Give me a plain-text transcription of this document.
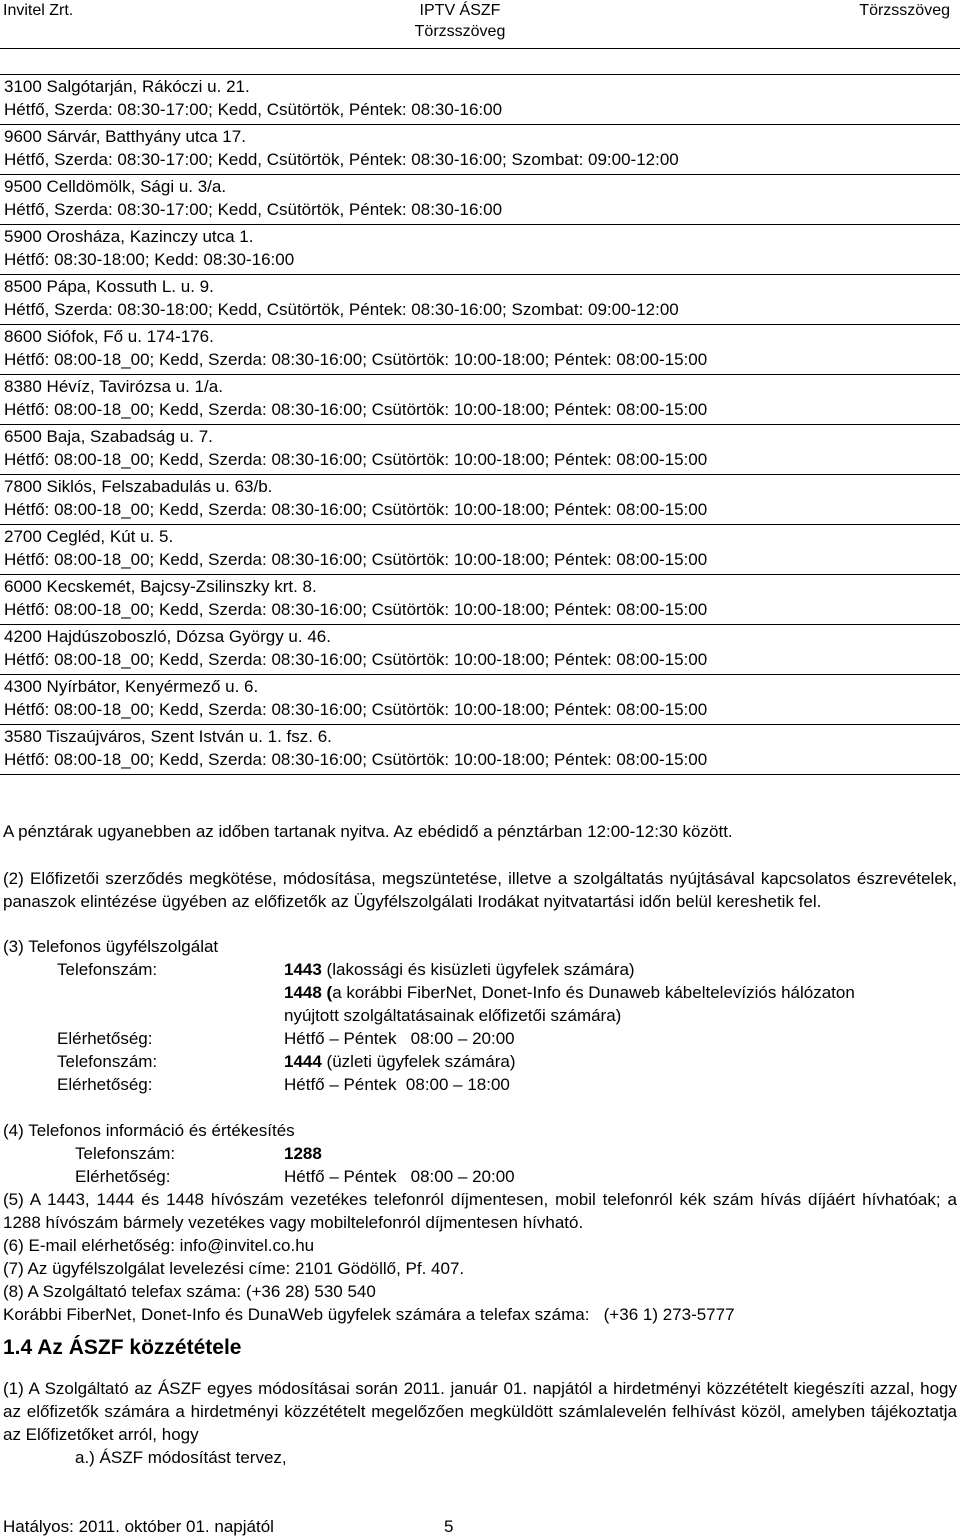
Invitel Zrt.	IPTV ÁSZF
Törzsszöveg
Törzsszöveg
3100 Salgótarján, Rákóczi u. 21.
Hétfő, Szerda: 08:30-17:00; Kedd, Csütörtök, Péntek: 08:30-16:00

9600 Sárvár, Batthyány utca 17.
Hétfő, Szerda: 08:30-17:00; Kedd, Csütörtök, Péntek: 08:30-16:00; Szombat: 09:00-12:00

9500 Celldömölk, Sági u. 3/a.
Hétfő, Szerda: 08:30-17:00; Kedd, Csütörtök, Péntek: 08:30-16:00

5900 Orosháza, Kazinczy utca 1.
Hétfő: 08:30-18:00; Kedd: 08:30-16:00

8500 Pápa, Kossuth L. u. 9.
Hétfő, Szerda: 08:30-18:00; Kedd, Csütörtök, Péntek: 08:30-16:00; Szombat: 09:00-12:00

8600 Siófok, Fő u. 174-176.
Hétfő: 08:00-18_00; Kedd, Szerda: 08:30-16:00; Csütörtök: 10:00-18:00; Péntek: 08:00-15:00

8380 Hévíz, Tavirózsa u. 1/a.
Hétfő: 08:00-18_00; Kedd, Szerda: 08:30-16:00; Csütörtök: 10:00-18:00; Péntek: 08:00-15:00

6500 Baja, Szabadság u. 7.
Hétfő: 08:00-18_00; Kedd, Szerda: 08:30-16:00; Csütörtök: 10:00-18:00; Péntek: 08:00-15:00

7800 Siklós, Felszabadulás u. 63/b.
Hétfő: 08:00-18_00; Kedd, Szerda: 08:30-16:00; Csütörtök: 10:00-18:00; Péntek: 08:00-15:00

2700 Cegléd, Kút u. 5.
Hétfő: 08:00-18_00; Kedd, Szerda: 08:30-16:00; Csütörtök: 10:00-18:00; Péntek: 08:00-15:00

6000 Kecskemét, Bajcsy-Zsilinszky krt. 8.
Hétfő: 08:00-18_00; Kedd, Szerda: 08:30-16:00; Csütörtök: 10:00-18:00; Péntek: 08:00-15:00

4200 Hajdúszoboszló, Dózsa György u. 46.
Hétfő: 08:00-18_00; Kedd, Szerda: 08:30-16:00; Csütörtök: 10:00-18:00; Péntek: 08:00-15:00

4300 Nyírbátor, Kenyérmező u. 6.
Hétfő: 08:00-18_00; Kedd, Szerda: 08:30-16:00; Csütörtök: 10:00-18:00; Péntek: 08:00-15:00

3580 Tiszaújváros, Szent István u. 1. fsz. 6.
Hétfő: 08:00-18_00; Kedd, Szerda: 08:30-16:00; Csütörtök: 10:00-18:00; Péntek: 08:00-15:00
A pénztárak ugyanebben az időben tartanak nyitva. Az ebédidő a pénztárban 12:00-12:30 között.
(2) Előfizetői szerződés megkötése, módosítása, megszüntetése, illetve a szolgáltatás nyújtásával kapcsolatos észrevételek, panaszok elintézése ügyében az előfizetők az Ügyfélszolgálati Irodákat nyitvatartási időn belül kereshetik fel.
(3) Telefonos ügyfélszolgálat
Telefonszám:	1443 (lakossági és kisüzleti ügyfelek számára)
1448 (a korábbi FiberNet, Donet-Info és Dunaweb kábeltelevíziós hálózaton
nyújtott szolgáltatásainak előfizetői számára)
Elérhetőség:	Hétfő – Péntek   08:00 – 20:00
Telefonszám:	1444 (üzleti ügyfelek számára)
Elérhetőség:	Hétfő – Péntek  08:00 – 18:00
(4) Telefonos információ és értékesítés
Telefonszám:	1288
Elérhetőség:	Hétfő – Péntek   08:00 – 20:00
(5) A 1443, 1444 és 1448 hívószám vezetékes telefonról díjmentesen, mobil telefonról kék szám hívás díjáért hívhatóak; a 1288 hívószám bármely vezetékes vagy mobiltelefonról díjmentesen hívható.
(6) E-mail elérhetőség: info@invitel.co.hu
(7) Az ügyfélszolgálat levelezési címe: 2101 Gödöllő, Pf. 407.
(8) A Szolgáltató telefax száma: (+36 28) 530 540
Korábbi FiberNet, Donet-Info és DunaWeb ügyfelek számára a telefax száma:   (+36 1) 273-5777
1.4 Az ÁSZF közzététele
(1) A Szolgáltató az ÁSZF egyes módosításai során 2011. január 01. napjától a hirdetményi közzétételt kiegészíti azzal, hogy az előfizetők számára a hirdetményi közzétételt megelőzően megküldött számlalevelén felhívást közöl, amelyben tájékoztatja az Előfizetőket arról, hogy
a.) ÁSZF módosítást tervez,
Hatályos: 2011. október 01. napjától	5
